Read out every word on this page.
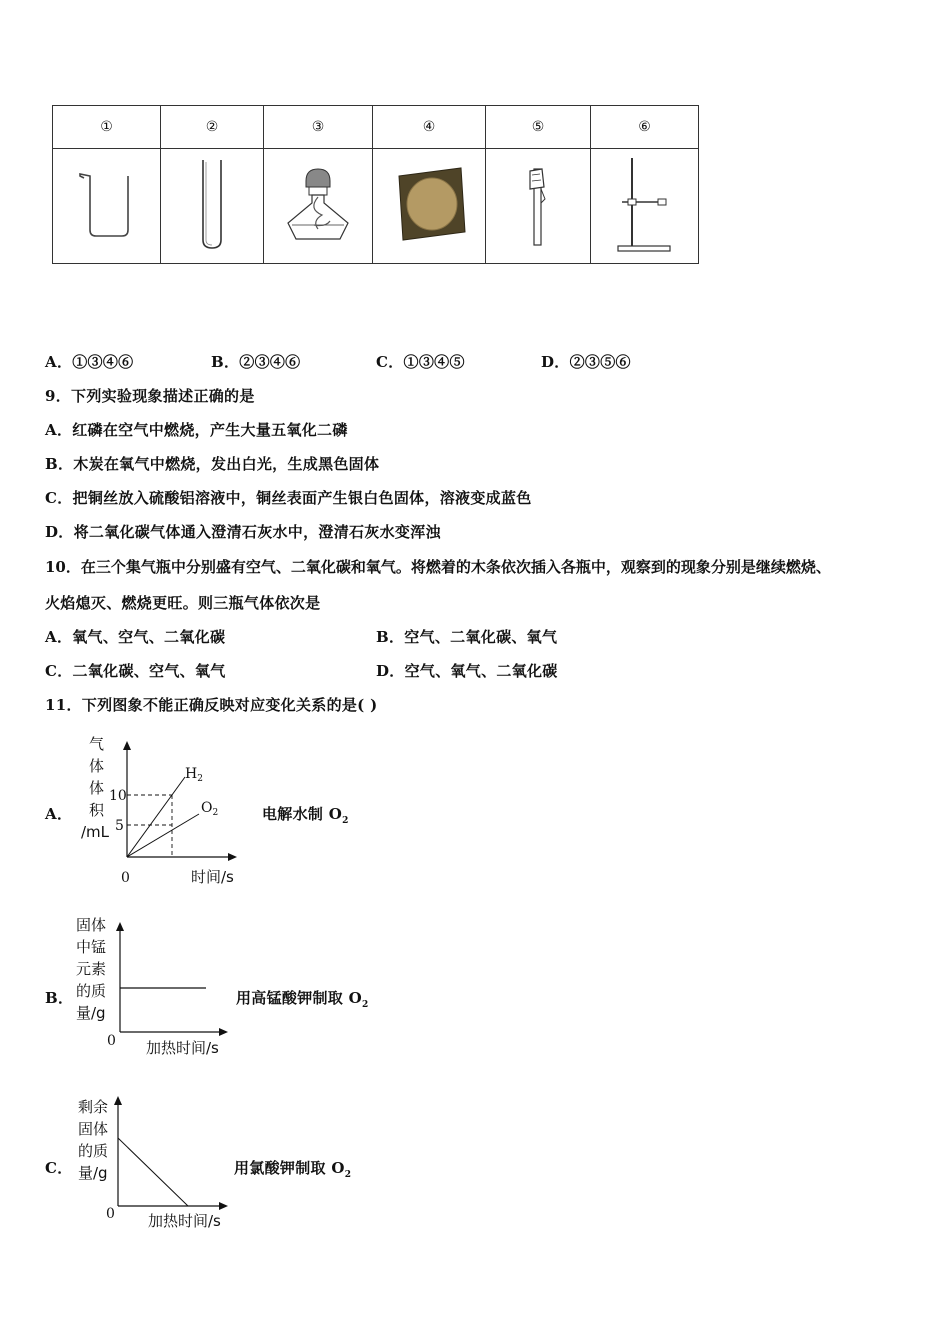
①	②	③	④	⑤	⑥

A．①③④⑥	B．②③④⑥	C．①③④⑤	D．②③⑤⑥
9．下列实验现象描述正确的是
A．红磷在空气中燃烧，产生大量五氧化二磷
B．木炭在氧气中燃烧，发出白光，生成黑色固体
C．把铜丝放入硫酸铝溶液中，铜丝表面产生银白色固体，溶液变成蓝色
D．将二氧化碳气体通入澄清石灰水中，澄清石灰水变浑浊
10．在三个集气瓶中分别盛有空气、二氧化碳和氧气。将燃着的木条依次插入各瓶中，观察到的现象分别是继续燃烧、
火焰熄灭、燃烧更旺。则三瓶气体依次是
A．氧气、空气、二氧化碳	B．空气、二氧化碳、氧气
C．二氧化碳、空气、氧气	D．空气、氧气、二氧化碳
11．下列图象不能正确反映对应变化关系的是( )
A．
气
体
体
积
/mL
10
5
$H_2$
$O_2$
0	时间/s
电解水制 $O_2$
B．
固体
中锰
元素
的质
量/g
0 加热时间/s
用高锰酸钾制取 $O_2$
C．
剩余
固体
的质
量/g
0 加热时间/s
用氯酸钾制取 $O_2$
